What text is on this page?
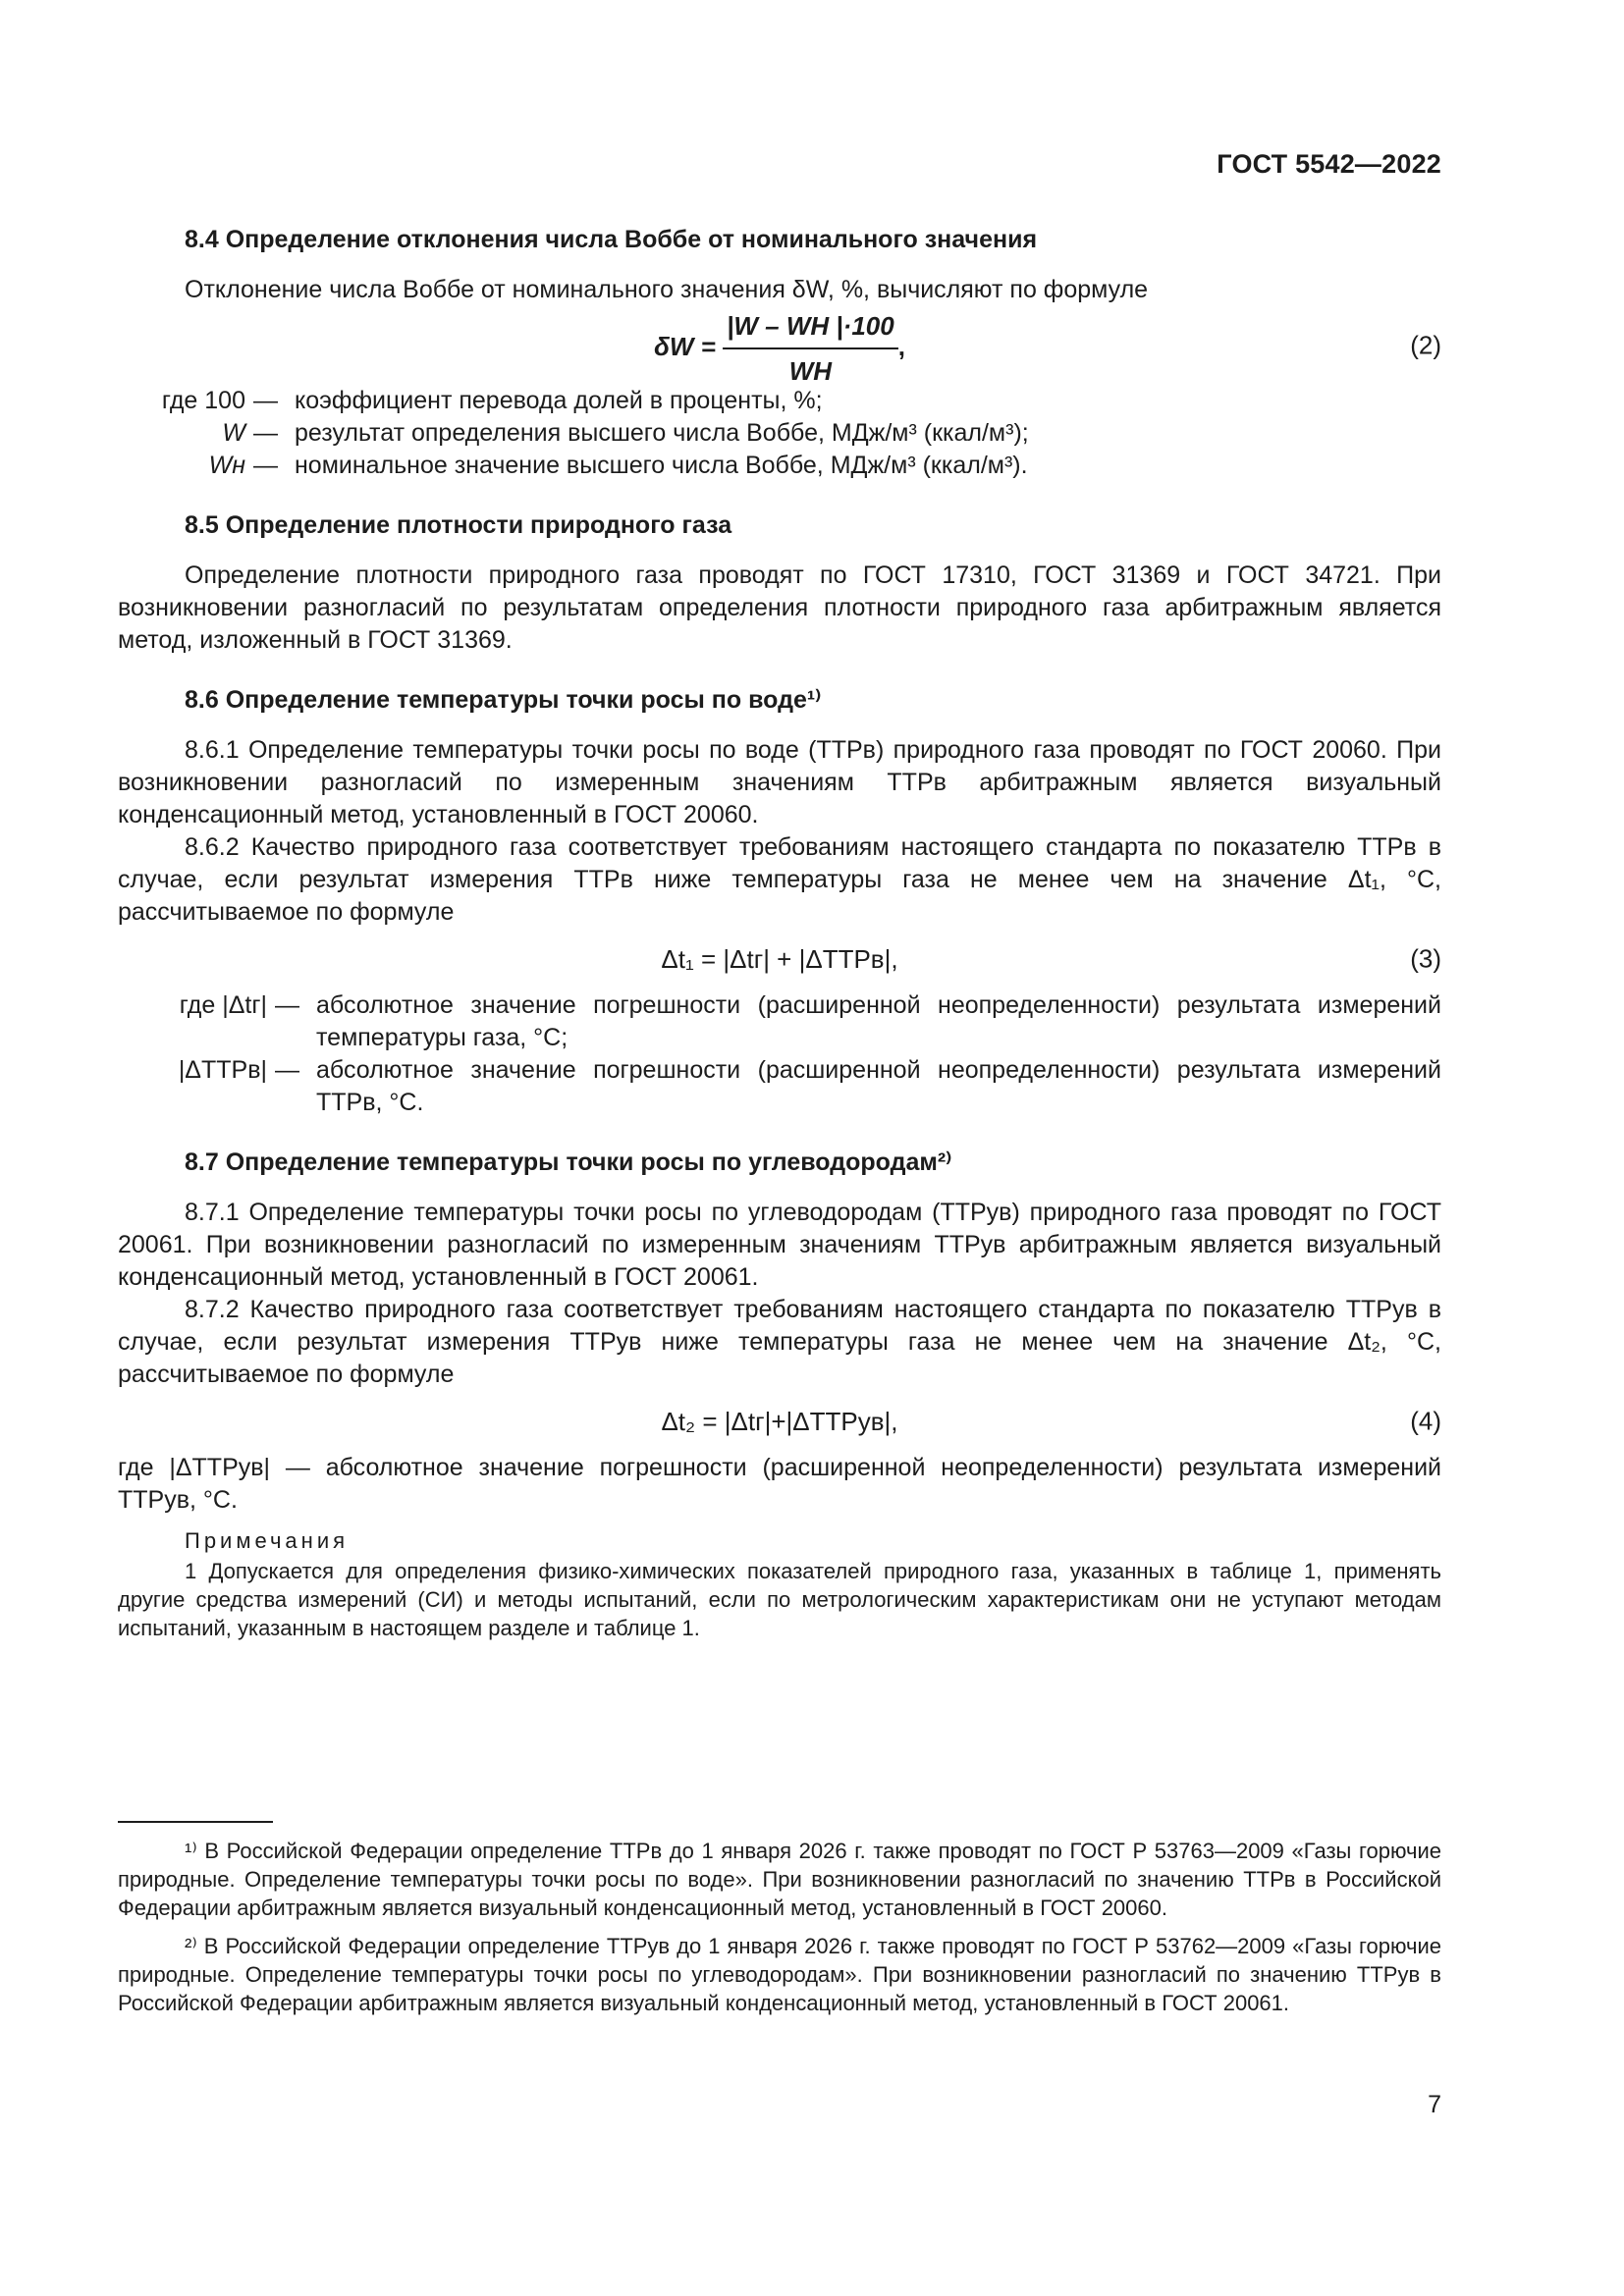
ГОСТ 5542—2022
8.4 Определение отклонения числа Воббе от номинального значения

Отклонение числа Воббе от номинального значения δW, %, вычисляют по формуле

$\delta W = \frac{|W - WН |\cdot 100}{WН}$ ,	(2)
где 100 — коэффициент перевода долей в проценты, %;
W — результат определения высшего числа Воббе, МДж/м³ (ккал/м³);
Wн — номинальное значение высшего числа Воббе, МДж/м³ (ккал/м³).
8.5 Определение плотности природного газа

Определение плотности природного газа проводят по ГОСТ 17310, ГОСТ 31369 и ГОСТ 34721. При возникновении разногласий по результатам определения плотности природного газа арбитражным является метод, изложенный в ГОСТ 31369.

8.6 Определение температуры точки росы по воде¹⁾

8.6.1 Определение температуры точки росы по воде (ТТРв) природного газа проводят по ГОСТ 20060. При возникновении разногласий по измеренным значениям ТТРв арбитражным является визуальный конденсационный метод, установленный в ГОСТ 20060.

8.6.2 Качество природного газа соответствует требованиям настоящего стандарта по показателю ТТРв в случае, если результат измерения ТТРв ниже температуры газа не менее чем на значение Δt₁, °С, рассчитываемое по формуле

Δt₁ = |Δtг| + |ΔТТРв|,	(3)
где |Δtг| — абсолютное значение погрешности (расширенной неопределенности) результата измерений температуры газа, °С;
|ΔТТРв| — абсолютное значение погрешности (расширенной неопределенности) результата измерений ТТРв, °С.
8.7 Определение температуры точки росы по углеводородам²⁾

8.7.1 Определение температуры точки росы по углеводородам (ТТРув) природного газа проводят по ГОСТ 20061. При возникновении разногласий по измеренным значениям ТТРув арбитражным является визуальный конденсационный метод, установленный в ГОСТ 20061.

8.7.2 Качество природного газа соответствует требованиям настоящего стандарта по показателю ТТРув в случае, если результат измерения ТТРув ниже температуры газа не менее чем на значение Δt₂, °С, рассчитываемое по формуле

Δt₂ = |Δtг|+|ΔТТРув|,	(4)

где |ΔТТРув| — абсолютное значение погрешности (расширенной неопределенности) результата измерений ТТРув, °С.

Примечания

1 Допускается для определения физико-химических показателей природного газа, указанных в таблице 1, применять другие средства измерений (СИ) и методы испытаний, если по метрологическим характеристикам они не уступают методам испытаний, указанным в настоящем разделе и таблице 1.

¹⁾ В Российской Федерации определение ТТРв до 1 января 2026 г. также проводят по ГОСТ Р 53763—2009 «Газы горючие природные. Определение температуры точки росы по воде». При возникновении разногласий по значению ТТРв в Российской Федерации арбитражным является визуальный конденсационный метод, установленный в ГОСТ 20060.

²⁾ В Российской Федерации определение ТТРув до 1 января 2026 г. также проводят по ГОСТ Р 53762—2009 «Газы горючие природные. Определение температуры точки росы по углеводородам». При возникновении разногласий по значению ТТРув в Российской Федерации арбитражным является визуальный конденсационный метод, установленный в ГОСТ 20061.

7
